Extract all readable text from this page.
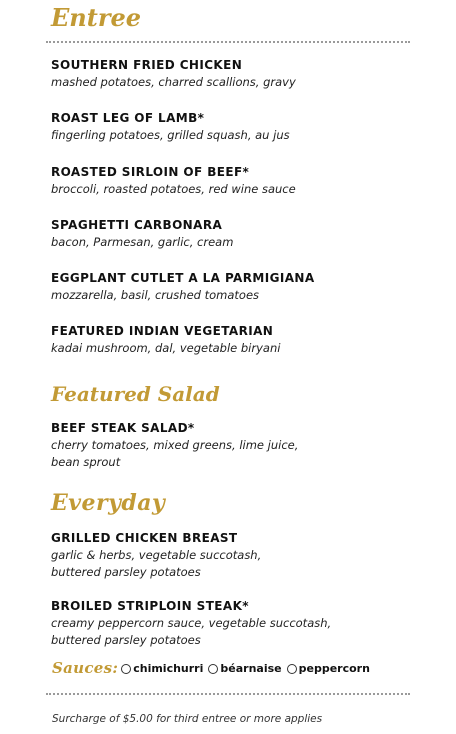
Entree
SOUTHERN FRIED CHICKEN
mashed potatoes, charred scallions, gravy
ROAST LEG OF LAMB*
fingerling potatoes, grilled squash, au jus
ROASTED SIRLOIN OF BEEF*
broccoli, roasted potatoes, red wine sauce
SPAGHETTI CARBONARA
bacon, Parmesan, garlic, cream
EGGPLANT CUTLET A LA PARMIGIANA
mozzarella, basil, crushed tomatoes
FEATURED INDIAN VEGETARIAN
kadai mushroom, dal, vegetable biryani
Featured Salad
BEEF STEAK SALAD*
cherry tomatoes, mixed greens, lime juice,
bean sprout
Everyday
GRILLED CHICKEN BREAST
garlic & herbs, vegetable succotash,
buttered parsley potatoes
BROILED STRIPLOIN STEAK*
creamy peppercorn sauce, vegetable succotash,
buttered parsley potatoes
Sauces: chimichurri béarnaise peppercorn
Surcharge of $5.00 for third entree or more applies
